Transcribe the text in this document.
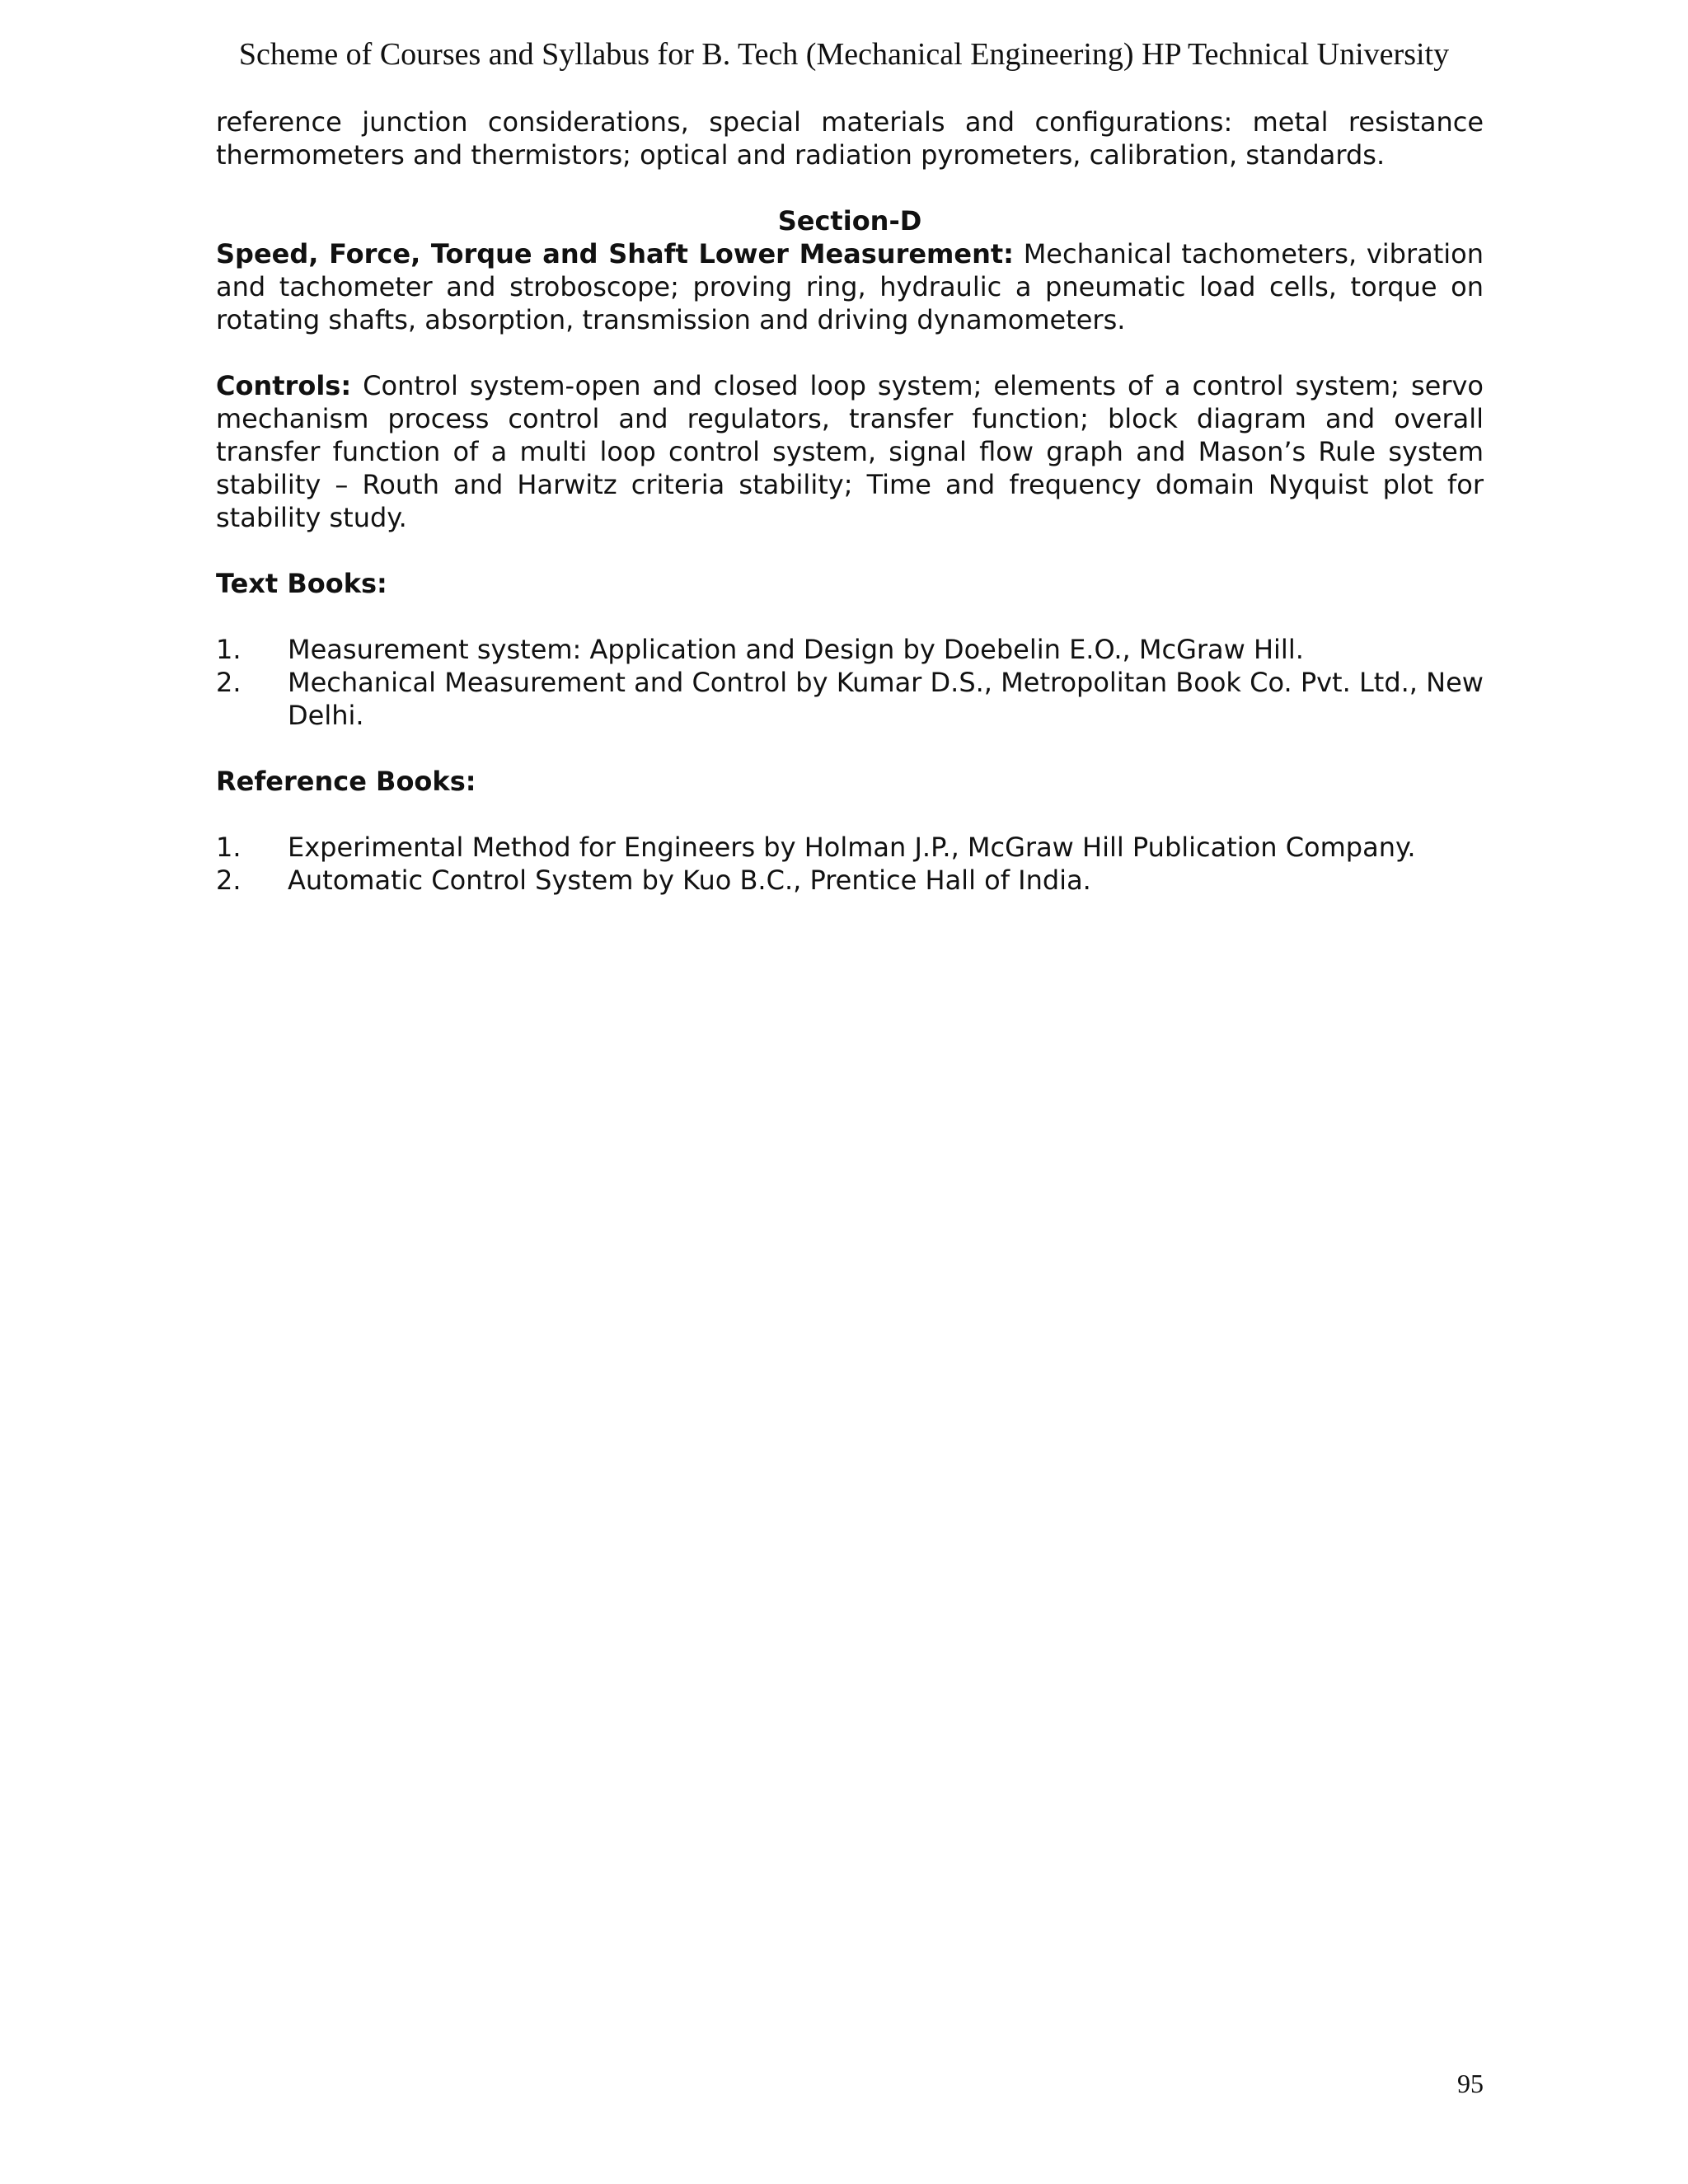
Scheme of Courses and Syllabus for B. Tech (Mechanical Engineering) HP Technical University

reference junction considerations, special materials and configurations: metal resistance thermometers and thermistors; optical and radiation pyrometers, calibration, standards.

Section-D

Speed, Force, Torque and Shaft Lower Measurement: Mechanical tachometers, vibration and tachometer and stroboscope; proving ring, hydraulic a pneumatic load cells, torque on rotating shafts, absorption, transmission and driving dynamometers.

Controls: Control system-open and closed loop system; elements of a control system; servo mechanism process control and regulators, transfer function; block diagram and overall transfer function of a multi loop control system, signal flow graph and Mason’s Rule system stability – Routh and Harwitz criteria stability; Time and frequency domain Nyquist plot for stability study.

Text Books:

1.	Measurement system: Application and Design by Doebelin E.O., McGraw Hill.
2.	Mechanical Measurement and Control by Kumar D.S., Metropolitan Book Co. Pvt. Ltd., New Delhi.

Reference Books:

1.	Experimental Method for Engineers by Holman J.P., McGraw Hill Publication Company.
2.	Automatic Control System by Kuo B.C., Prentice Hall of India.
95
